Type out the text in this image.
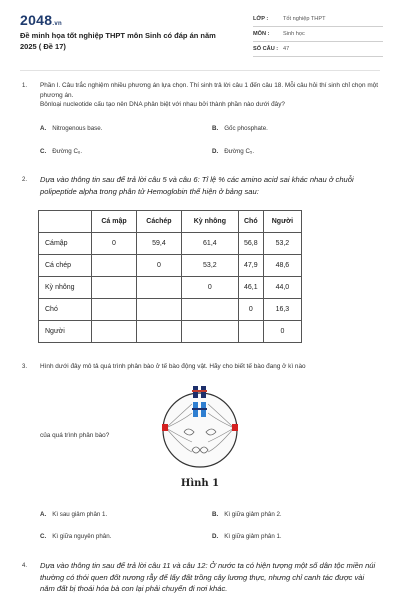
2048.vn
Đề minh họa tốt nghiệp THPT môn Sinh có đáp án năm 2025 ( Đề 17)
LỚP :	Tốt nghiệp THPT
MÔN :	Sinh học
SỐ CÂU : 47
1. Phần I. Câu trắc nghiệm nhiều phương án lựa chọn. Thí sinh trả lời câu 1 đến câu 18. Mỗi câu hỏi thí sinh chỉ chọn một phương án.
Bônloại nucleotide cấu tạo nên DNA phân biệt với nhau bởi thành phần nào dưới đây?
A. Nitrogenous base.	B. Gốc phosphate.
C. Đường C₆.	D. Đường C₅.
2. Dựa vào thông tin sau để trả lời câu 5 và câu 6: Tỉ lệ % các amino acid sai khác nhau ở chuỗi polipeptide alpha trong phân tử Hemoglobin thể hiện ở bảng sau:
	Cá mập	Cáchép	Kỳ nhông	Chó	Người
Cámập	0	59,4	61,4	56,8	53,2
Cá chép		0	53,2	47,9	48,6
Kỳ nhông			0	46,1	44,0
Chó				0	16,3
Người					0
3. Hình dưới đây mô tả quá trình phân bào ở tế bào động vật. Hãy cho biết tế bào đang ở kì nào
của quá trình phân bào?
Hình 1
A. Kì sau giảm phân 1.	B. Kì giữa giảm phân 2.
C. Kì giữa nguyên phân.	D. Kì giữa giảm phân 1.
4. Dựa vào thông tin sau để trả lời câu 11 và câu 12: Ở nước ta có hiện tượng một số dân tộc miền núi thường có thói quen đốt nương rẫy để lấy đất trồng cây lương thực, nhưng chỉ canh tác được vài năm đất bị thoái hóa bà con lại phải chuyển đi nơi khác.
